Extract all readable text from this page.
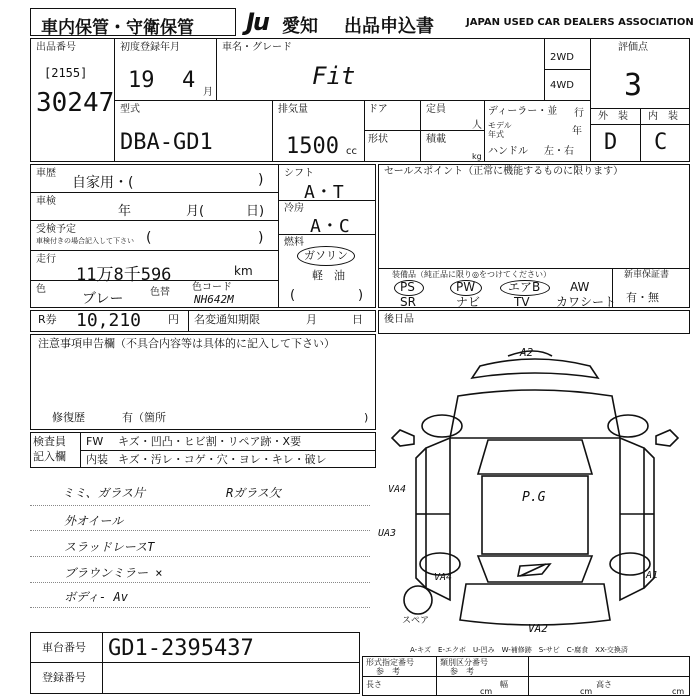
車内保管・守衛保管 Ju 愛知 出品申込書	JAPAN USED CAR DEALERS ASSOCIATION
出品番号
[2155]
30247
初度登録年月
19 4 月
車名・グレード
Fit
2WD
4WD
評価点
3
外　装 内　装
D C
型式
DBA-GD1
排気量
1500 cc
ドア	定員
人
形状	積載
kg
ディーラー・並 行
モデル
年式	年
ハンドル 左・右
車歴
自家用・(	)
車検
年	月(	日)
受検予定
車検付きの場合記入して下さい (	)
走行
11万8千596	km
色
ブレー	色替 色コード
NH642M
シフト
A・T
冷房
A・C
燃料
ガソリン
軽　油
(	)
セールスポイント（正常に機能するものに限ります）
装備品（純正品に限り◎をつけてください）	新車保証書
有・無
PS	PW	エアB AW
SR	ナビ	TV カワシート
R券 10,210 円 名変通知期限	月	日 後日品
注意事項申告欄（不具合内容等は具体的に記入して下さい）
修復歴	有（箇所	)
検査員
記入欄
FW キズ・凹凸・ヒビ割・リペア跡・X要
内装 キズ・汚レ・コゲ・穴・ヨレ・キレ・破レ
ミミ、ガラス片	Rガラス欠
外オイール
スラッドレースT
ブラウンミラー ×
ボディ- Av
A2
VA4
UA3
P.G
VA4	A1
VA2
スペア
車台番号 GD1-2395437
登録番号
A-キズ　E-エクボ　U-凹み　W-補修跡　S-サビ　C-腐食　XX-交換済
形式指定番号
参　考
類別区分番号
参　考
長さ
cm
幅
cm
高さ
cm
